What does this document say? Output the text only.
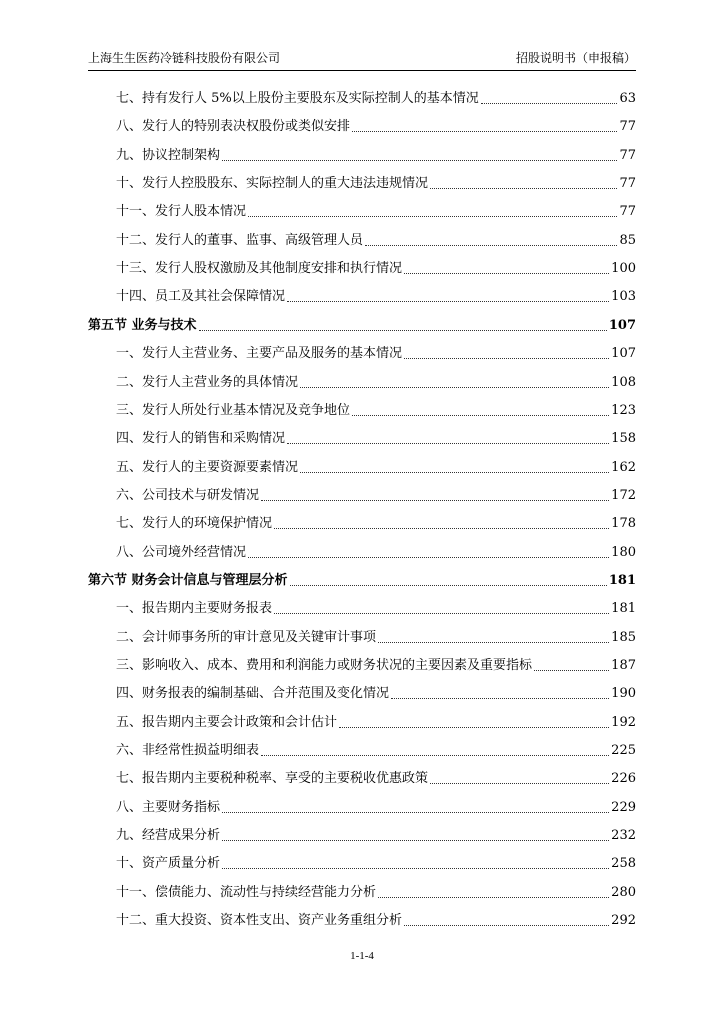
上海生生医药冷链科技股份有限公司	招股说明书（申报稿）
七、持有发行人 5%以上股份主要股东及实际控制人的基本情况	63
八、发行人的特别表决权股份或类似安排	77
九、协议控制架构	77
十、发行人控股股东、实际控制人的重大违法违规情况	77
十一、发行人股本情况	77
十二、发行人的董事、监事、高级管理人员	85
十三、发行人股权激励及其他制度安排和执行情况	100
十四、员工及其社会保障情况	103
第五节 业务与技术	107
一、发行人主营业务、主要产品及服务的基本情况	107
二、发行人主营业务的具体情况	108
三、发行人所处行业基本情况及竞争地位	123
四、发行人的销售和采购情况	158
五、发行人的主要资源要素情况	162
六、公司技术与研发情况	172
七、发行人的环境保护情况	178
八、公司境外经营情况	180
第六节 财务会计信息与管理层分析	181
一、报告期内主要财务报表	181
二、会计师事务所的审计意见及关键审计事项	185
三、影响收入、成本、费用和利润能力或财务状况的主要因素及重要指标	187
四、财务报表的编制基础、合并范围及变化情况	190
五、报告期内主要会计政策和会计估计	192
六、非经常性损益明细表	225
七、报告期内主要税种税率、享受的主要税收优惠政策	226
八、主要财务指标	229
九、经营成果分析	232
十、资产质量分析	258
十一、偿债能力、流动性与持续经营能力分析	280
十二、重大投资、资本性支出、资产业务重组分析	292
1-1-4
